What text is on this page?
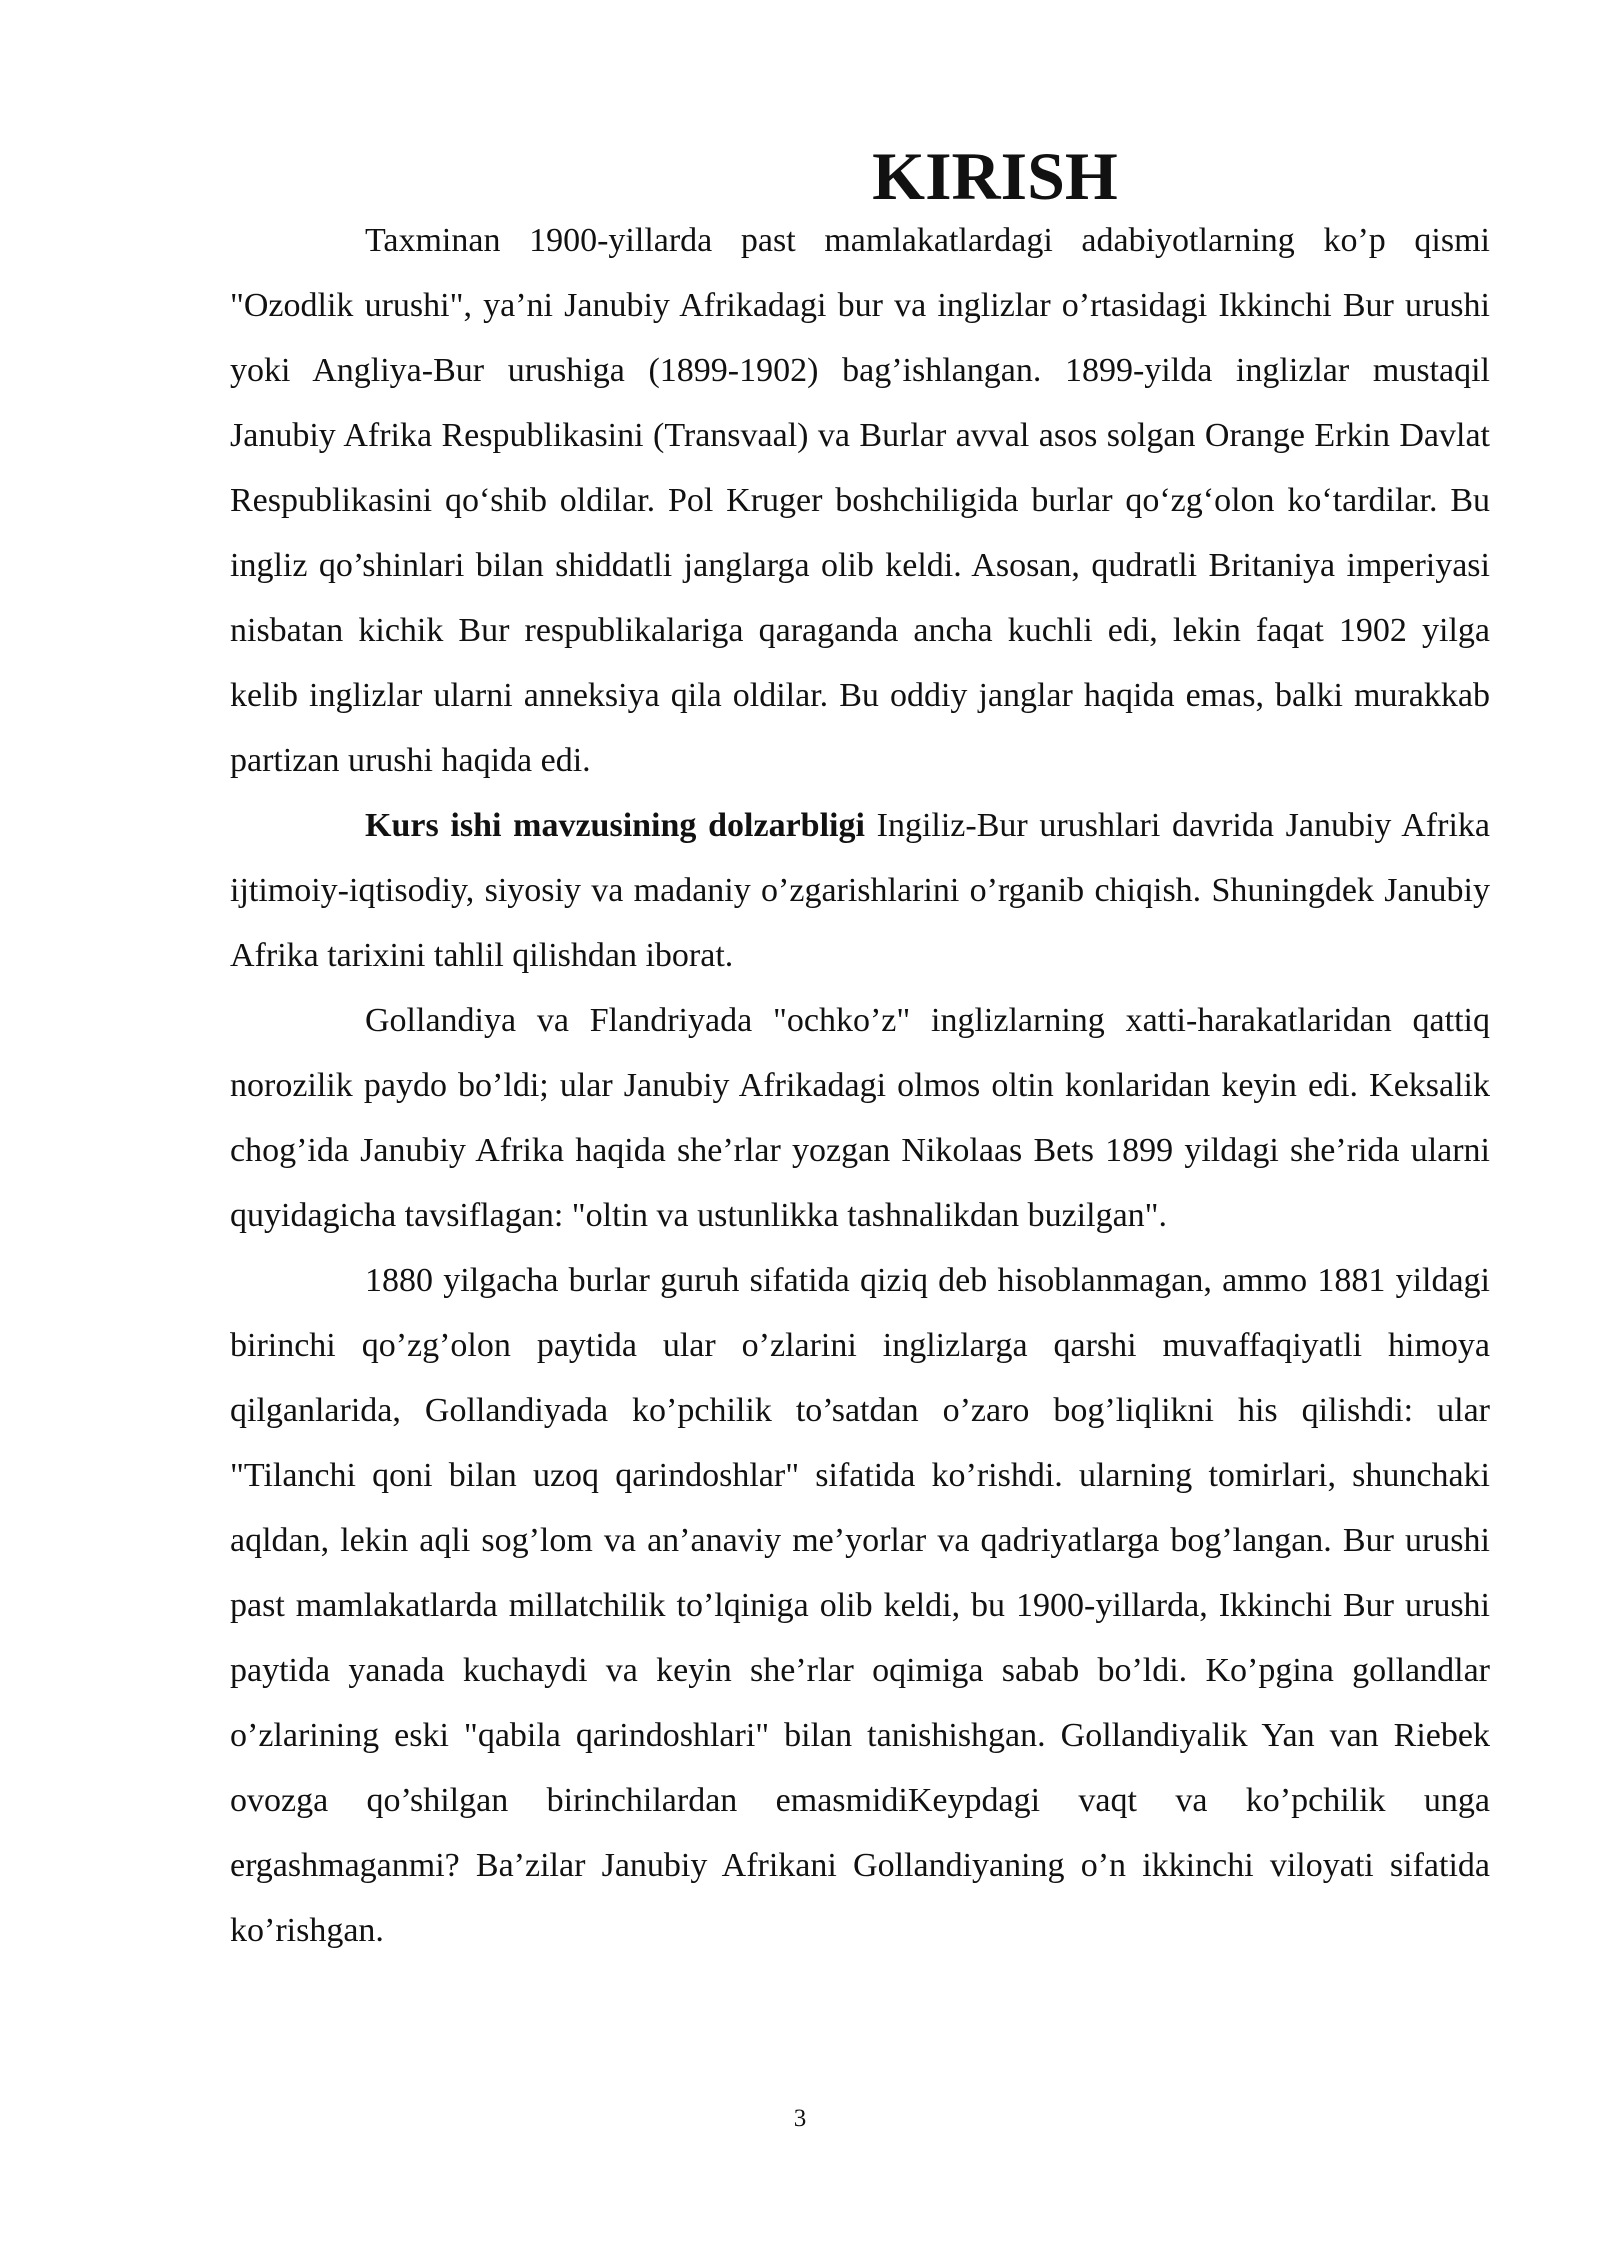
KIRISH

Taxminan 1900-yillarda past mamlakatlardagi adabiyotlarning ko’p qismi "Ozodlik urushi", ya’ni Janubiy Afrikadagi bur va inglizlar o’rtasidagi Ikkinchi Bur urushi yoki Angliya-Bur urushiga (1899-1902) bag’ishlangan. 1899-yilda inglizlar mustaqil Janubiy Afrika Respublikasini (Transvaal) va Burlar avval asos solgan Orange Erkin Davlat Respublikasini qo‘shib oldilar. Pol Kruger boshchiligida burlar qo‘zg‘olon ko‘tardilar. Bu ingliz qo’shinlari bilan shiddatli janglarga olib keldi. Asosan, qudratli Britaniya imperiyasi nisbatan kichik Bur respublikalariga qaraganda ancha kuchli edi, lekin faqat 1902 yilga kelib inglizlar ularni anneksiya qila oldilar. Bu oddiy janglar haqida emas, balki murakkab partizan urushi haqida edi.

Kurs ishi mavzusining dolzarbligi Ingiliz-Bur urushlari davrida Janubiy Afrika ijtimoiy-iqtisodiy, siyosiy va madaniy o’zgarishlarini o’rganib chiqish. Shuningdek Janubiy Afrika tarixini tahlil qilishdan iborat.

Gollandiya va Flandriyada "ochko’z" inglizlarning xatti-harakatlaridan qattiq norozilik paydo bo’ldi; ular Janubiy Afrikadagi olmos oltin konlaridan keyin edi. Keksalik chog’ida Janubiy Afrika haqida she’rlar yozgan Nikolaas Bets 1899 yildagi she’rida ularni quyidagicha tavsiflagan: "oltin va ustunlikka tashnalikdan buzilgan".

1880 yilgacha burlar guruh sifatida qiziq deb hisoblanmagan, ammo 1881 yildagi birinchi qo’zg’olon paytida ular o’zlarini inglizlarga qarshi muvaffaqiyatli himoya qilganlarida, Gollandiyada ko’pchilik to’satdan o’zaro bog’liqlikni his qilishdi: ular "Tilanchi qoni bilan uzoq qarindoshlar" sifatida ko’rishdi. ularning tomirlari, shunchaki aqldan, lekin aqli sog’lom va an’anaviy me’yorlar va qadriyatlarga bog’langan. Bur urushi past mamlakatlarda millatchilik to’lqiniga olib keldi, bu 1900-yillarda, Ikkinchi Bur urushi paytida yanada kuchaydi va keyin she’rlar oqimiga sabab bo’ldi. Ko’pgina gollandlar o’zlarining eski "qabila qarindoshlari" bilan tanishishgan. Gollandiyalik Yan van Riebek ovozga qo’shilgan birinchilardan emasmidiKeypdagi vaqt va ko’pchilik unga ergashmaganmi? Ba’zilar Janubiy Afrikani Gollandiyaning o’n ikkinchi viloyati sifatida ko’rishgan.

3
